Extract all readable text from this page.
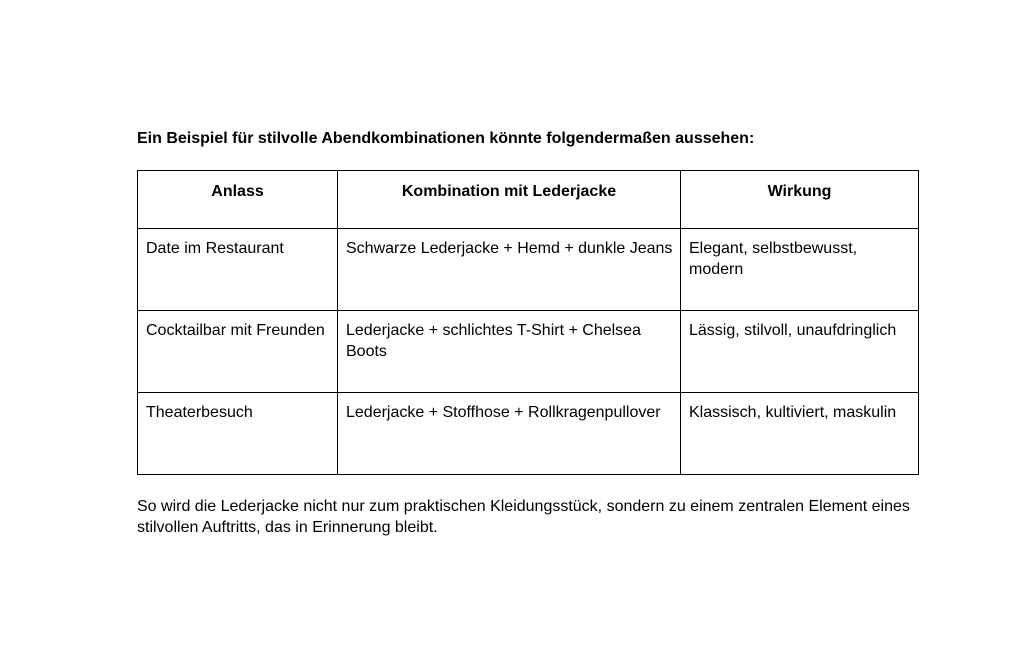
Ein Beispiel für stilvolle Abendkombinationen könnte folgendermaßen aussehen:

Anlass	Kombination mit Lederjacke	Wirkung
Date im Restaurant	Schwarze Lederjacke + Hemd + dunkle Jeans	Elegant, selbstbewusst, modern
Cocktailbar mit Freunden	Lederjacke + schlichtes T-Shirt + Chelsea Boots	Lässig, stilvoll, unaufdringlich
Theaterbesuch	Lederjacke + Stoffhose + Rollkragenpullover	Klassisch, kultiviert, maskulin

So wird die Lederjacke nicht nur zum praktischen Kleidungsstück, sondern zu einem zentralen Element eines stilvollen Auftritts, das in Erinnerung bleibt.
